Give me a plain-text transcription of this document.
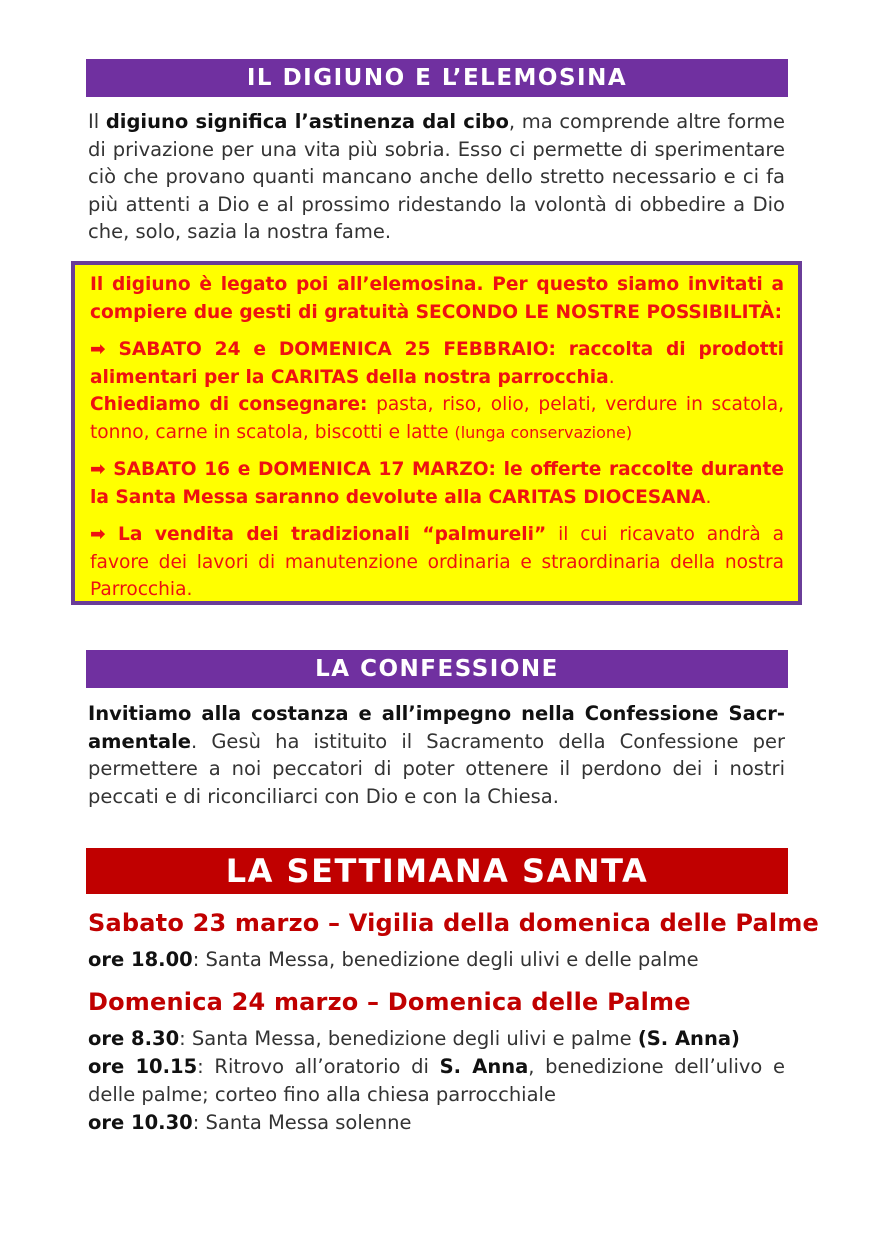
IL DIGIUNO E L’ELEMOSINA

Il digiuno significa l’astinenza dal cibo, ma comprende altre forme di privazione per una vita più sobria. Esso ci permette di sperimentare ciò che provano quanti mancano anche dello stretto necessario e ci fa più attenti a Dio e al prossimo ridestando la volontà di obbedire a Dio che, solo, sazia la nostra fame.

Il digiuno è legato poi all’elemosina. Per questo siamo invitati a compiere due gesti di gratuità SECONDO LE NOSTRE POSSIBILITÀ:

➡ SABATO 24 e DOMENICA 25 FEBBRAIO: raccolta di prodotti alimentari per la CARITAS della nostra parrocchia.

Chiediamo di consegnare: pasta, riso, olio, pelati, verdure in scatola, tonno, carne in scatola, biscotti e latte (lunga conservazione)

➡ SABATO 16 e DOMENICA 17 MARZO: le offerte raccolte durante la Santa Messa saranno devolute alla CARITAS DIOCESANA.

➡ La vendita dei tradizionali “palmureli” il cui ricavato andrà a favore dei lavori di manutenzione ordinaria e straordinaria della nostra Parrocchia.

LA CONFESSIONE

Invitiamo alla costanza e all’impegno nella Confessione Sacr-amentale. Gesù ha istituito il Sacramento della Confessione per permettere a noi peccatori di poter ottenere il perdono dei i nostri peccati e di riconciliarci con Dio e con la Chiesa.

LA SETTIMANA SANTA
Sabato 23 marzo – Vigilia della domenica delle Palme
ore 18.00: Santa Messa, benedizione degli ulivi e delle palme
Domenica 24 marzo – Domenica delle Palme
ore 8.30: Santa Messa, benedizione degli ulivi e palme (S. Anna)
ore 10.15: Ritrovo all’oratorio di S. Anna, benedizione dell’ulivo e delle palme; corteo fino alla chiesa parrocchiale
ore 10.30: Santa Messa solenne
